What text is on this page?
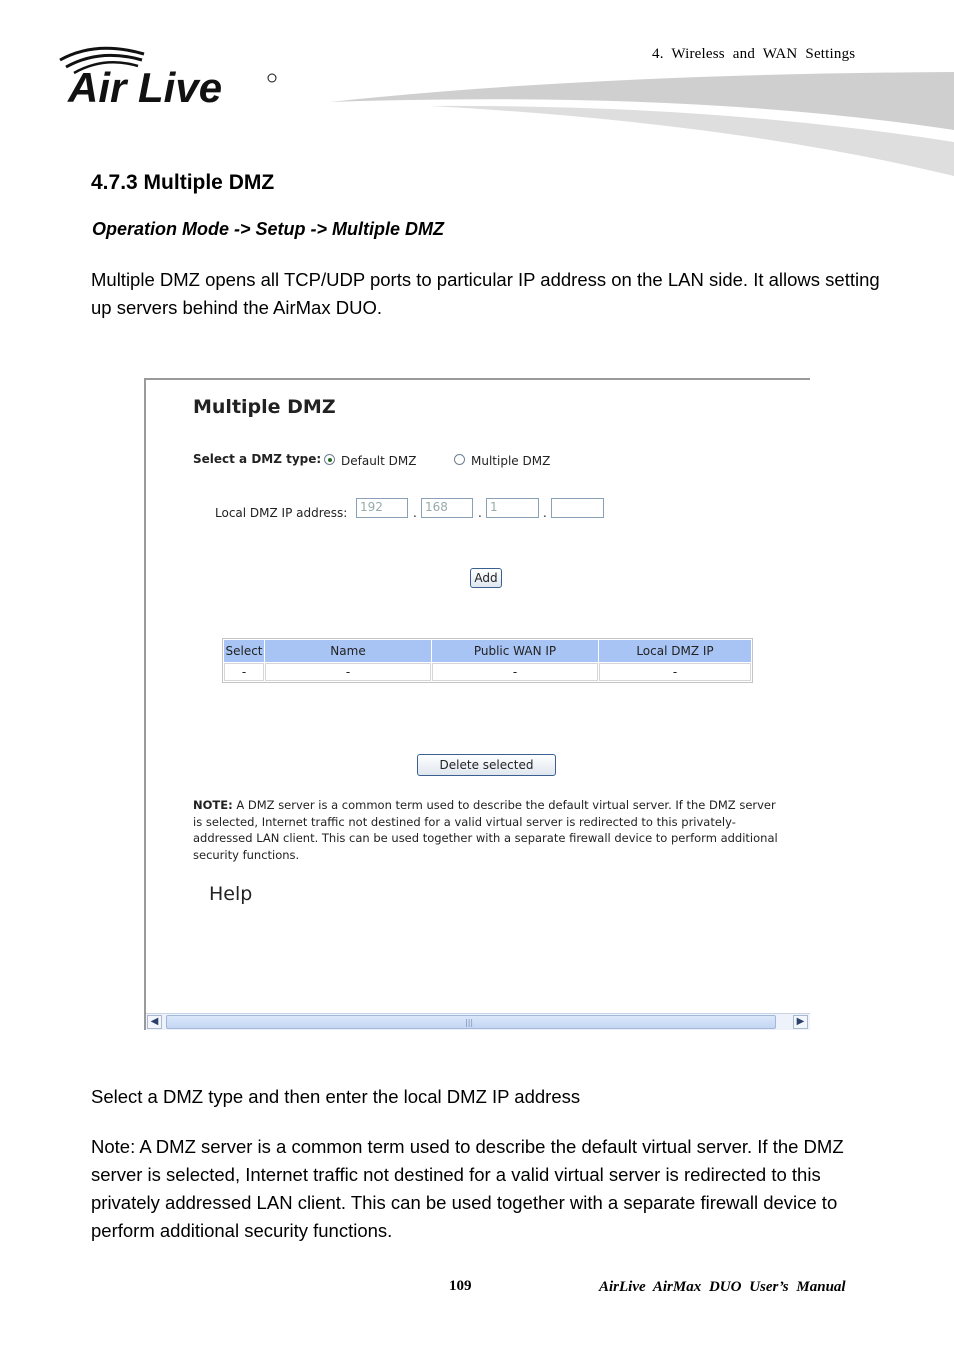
Air Live
4. Wireless and WAN Settings
4.7.3 Multiple DMZ
Operation Mode -> Setup -> Multiple DMZ
Multiple DMZ opens all TCP/UDP ports to particular IP address on the LAN side. It allows setting up servers behind the AirMax DUO.
Multiple DMZ
Select a DMZ type: Default DMZ	Multiple DMZ
Local DMZ IP address:	192	. 168	. 1	.
Add
Select	Name	Public WAN IP	Local DMZ IP
-	-	-	-
Delete selected
NOTE: A DMZ server is a common term used to describe the default virtual server. If the DMZ server is selected, Internet traffic not destined for a valid virtual server is redirected to this privately-addressed LAN client. This can be used together with a separate firewall device to perform additional security functions.
Help
◀	|||	▶
Select a DMZ type and then enter the local DMZ IP address
Note: A DMZ server is a common term used to describe the default virtual server. If the DMZ server is selected, Internet traffic not destined for a valid virtual server is redirected to this privately addressed LAN client. This can be used together with a separate firewall device to perform additional security functions.
109	AirLive AirMax DUO User’s Manual
